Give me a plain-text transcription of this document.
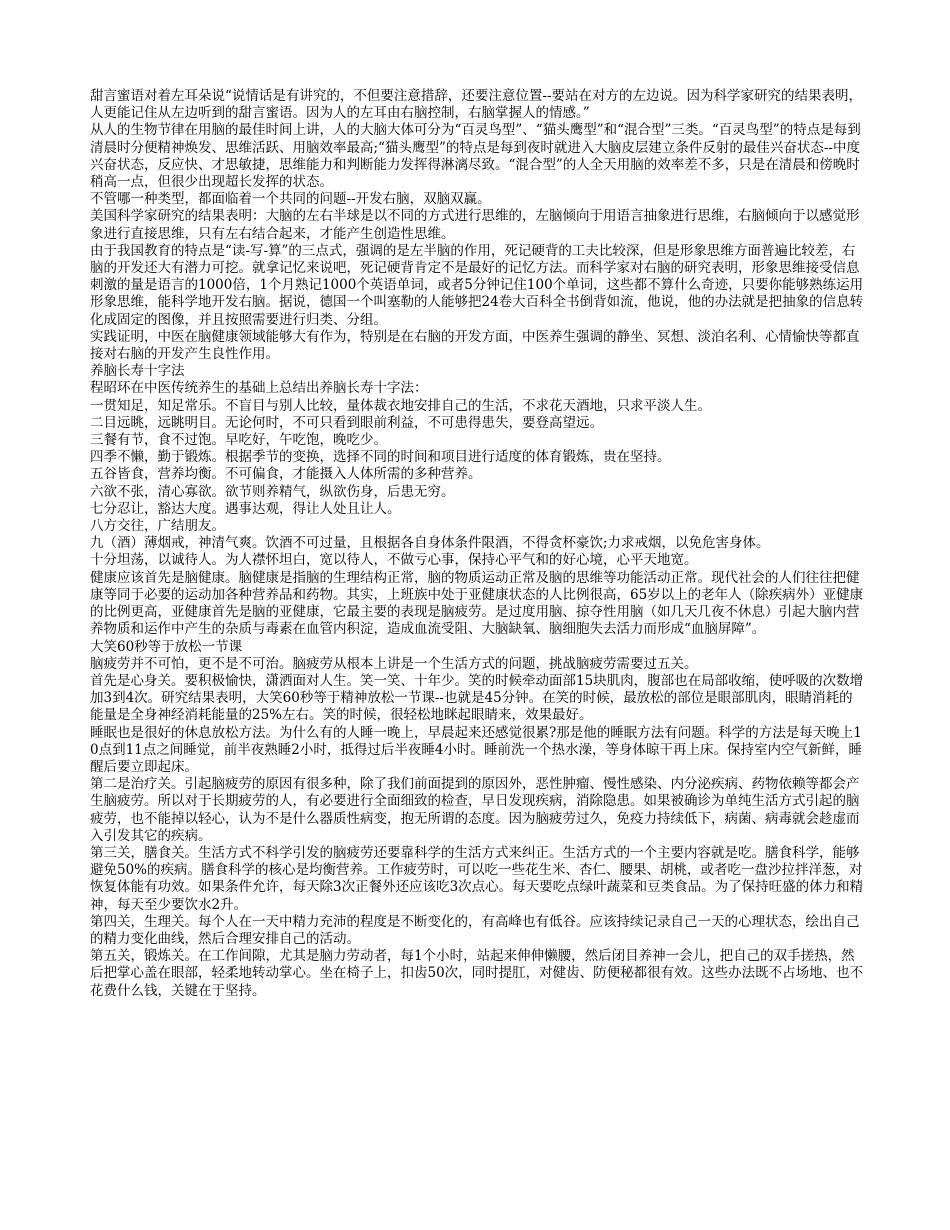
甜言蜜语对着左耳朵说“说情话是有讲究的，不但要注意措辞，还要注意位置--要站在对方的左边说。因为科学家研究的结果表明，人更能记住从左边听到的甜言蜜语。因为人的左耳由右脑控制，右脑掌握人的情感。”

从人的生物节律在用脑的最佳时间上讲，人的大脑大体可分为“百灵鸟型”、“猫头鹰型”和“混合型”三类。“百灵鸟型”的特点是每到清晨时分便精神焕发、思维活跃、用脑效率最高;“猫头鹰型”的特点是每到夜时就进入大脑皮层建立条件反射的最佳兴奋状态--中度兴奋状态，反应快、才思敏捷，思维能力和判断能力发挥得淋漓尽致。“混合型”的人全天用脑的效率差不多，只是在清晨和傍晚时稍高一点，但很少出现超长发挥的状态。

不管哪一种类型，都面临着一个共同的问题--开发右脑，双脑双赢。

美国科学家研究的结果表明：大脑的左右半球是以不同的方式进行思维的，左脑倾向于用语言抽象进行思维，右脑倾向于以感觉形象进行直接思维，只有左右结合起来，才能产生创造性思维。

由于我国教育的特点是“读-写-算”的三点式，强调的是左半脑的作用，死记硬背的工夫比较深，但是形象思维方面普遍比较差，右脑的开发还大有潜力可挖。就拿记忆来说吧，死记硬背肯定不是最好的记忆方法。而科学家对右脑的研究表明，形象思维接受信息刺激的量是语言的1000倍，1个月熟记1000个英语单词，或者5分钟记住100个单词，这些都不算什么奇迹，只要你能够熟练运用形象思维，能科学地开发右脑。据说，德国一个叫塞勒的人能够把24卷大百科全书倒背如流，他说，他的办法就是把抽象的信息转化成固定的图像，并且按照需要进行归类、分组。

实践证明，中医在脑健康领域能够大有作为，特别是在右脑的开发方面，中医养生强调的静坐、冥想、淡泊名利、心情愉快等都直接对右脑的开发产生良性作用。

养脑长寿十字法

程昭环在中医传统养生的基础上总结出养脑长寿十字法：

一贯知足，知足常乐。不盲目与别人比较，量体裁衣地安排自己的生活，不求花天酒地，只求平淡人生。

二目远眺，远眺明目。无论何时，不可只看到眼前利益，不可患得患失，要登高望远。

三餐有节，食不过饱。早吃好，午吃饱，晚吃少。

四季不懒，勤于锻炼。根据季节的变换，选择不同的时间和项目进行适度的体育锻炼，贵在坚持。

五谷皆食，营养均衡。不可偏食，才能摄入人体所需的多种营养。

六欲不张，清心寡欲。欲节则养精气，纵欲伤身，后患无穷。

七分忍让，豁达大度。遇事达观，得让人处且让人。

八方交往，广结朋友。

九（酒）薄烟戒，神清气爽。饮酒不可过量，且根据各自身体条件限酒，不得贪杯豪饮;力求戒烟，以免危害身体。

十分坦荡，以诚待人。为人襟怀坦白，宽以待人，不做亏心事，保持心平气和的好心境，心平天地宽。

健康应该首先是脑健康。脑健康是指脑的生理结构正常，脑的物质运动正常及脑的思维等功能活动正常。现代社会的人们往往把健康等同于必要的运动加各种营养品和药物。其实，上班族中处于亚健康状态的人比例很高，65岁以上的老年人（除疾病外）亚健康的比例更高，亚健康首先是脑的亚健康，它最主要的表现是脑疲劳。是过度用脑、掠夺性用脑（如几天几夜不休息）引起大脑内营养物质和运作中产生的杂质与毒素在血管内积淀，造成血流受阻、大脑缺氧、脑细胞失去活力而形成“血脑屏障”。

大笑60秒等于放松一节课

脑疲劳并不可怕，更不是不可治。脑疲劳从根本上讲是一个生活方式的问题，挑战脑疲劳需要过五关。

首先是心身关。要积极愉快，潇洒面对人生。笑一笑、十年少。笑的时候牵动面部15块肌肉，腹部也在局部收缩，使呼吸的次数增加3到4次。研究结果表明，大笑60秒等于精神放松一节课--也就是45分钟。在笑的时候，最放松的部位是眼部肌肉，眼睛消耗的能量是全身神经消耗能量的25%左右。笑的时候，很轻松地眯起眼睛来，效果最好。

睡眠也是很好的休息放松方法。为什么有的人睡一晚上，早晨起来还感觉很累?那是他的睡眠方法有问题。科学的方法是每天晚上10点到11点之间睡觉，前半夜熟睡2小时，抵得过后半夜睡4小时。睡前洗一个热水澡，等身体晾干再上床。保持室内空气新鲜，睡醒后要立即起床。

第二是治疗关。引起脑疲劳的原因有很多种，除了我们前面提到的原因外，恶性肿瘤、慢性感染、内分泌疾病、药物依赖等都会产生脑疲劳。所以对于长期疲劳的人，有必要进行全面细致的检查，早日发现疾病，消除隐患。如果被确诊为单纯生活方式引起的脑疲劳，也不能掉以轻心，认为不是什么器质性病变，抱无所谓的态度。因为脑疲劳过久，免疫力持续低下，病菌、病毒就会趁虚而入引发其它的疾病。

第三关，膳食关。生活方式不科学引发的脑疲劳还要靠科学的生活方式来纠正。生活方式的一个主要内容就是吃。膳食科学，能够避免50%的疾病。膳食科学的核心是均衡营养。工作疲劳时，可以吃一些花生米、杏仁、腰果、胡桃，或者吃一盘沙拉拌洋葱，对恢复体能有功效。如果条件允许，每天除3次正餐外还应该吃3次点心。每天要吃点绿叶蔬菜和豆类食品。为了保持旺盛的体力和精神，每天至少要饮水2升。

第四关，生理关。每个人在一天中精力充沛的程度是不断变化的，有高峰也有低谷。应该持续记录自己一天的心理状态，绘出自己的精力变化曲线，然后合理安排自己的活动。

第五关，锻炼关。在工作间隙，尤其是脑力劳动者，每1个小时，站起来伸伸懒腰，然后闭目养神一会儿，把自己的双手搓热，然后把掌心盖在眼部，轻柔地转动掌心。坐在椅子上，扣齿50次，同时提肛，对健齿、防便秘都很有效。这些办法既不占场地、也不花费什么钱，关键在于坚持。
